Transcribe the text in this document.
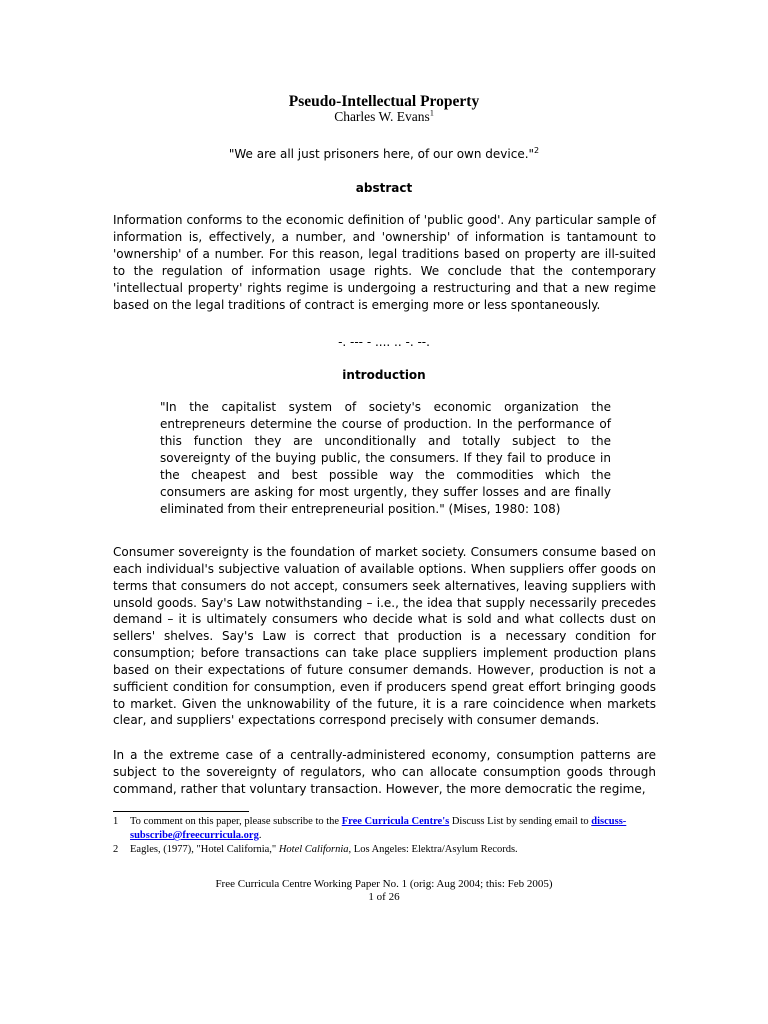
Pseudo-Intellectual Property
Charles W. Evans$^1$
"We are all just prisoners here, of our own device."$^2$
abstract

Information conforms to the economic definition of 'public good'. Any particular sample of information is, effectively, a number, and 'ownership' of information is tantamount to 'ownership' of a number. For this reason, legal traditions based on property are ill-suited to the regulation of information usage rights. We conclude that the contemporary 'intellectual property' rights regime is undergoing a restructuring and that a new regime based on the legal traditions of contract is emerging more or less spontaneously.

-. --- - .... .. -. --.
introduction

"In the capitalist system of society's economic organization the entrepreneurs determine the course of production. In the performance of this function they are unconditionally and totally subject to the sovereignty of the buying public, the consumers. If they fail to produce in the cheapest and best possible way the commodities which the consumers are asking for most urgently, they suffer losses and are finally eliminated from their entrepreneurial position." (Mises, 1980: 108)

Consumer sovereignty is the foundation of market society. Consumers consume based on each individual's subjective valuation of available options. When suppliers offer goods on terms that consumers do not accept, consumers seek alternatives, leaving suppliers with unsold goods. Say's Law notwithstanding – i.e., the idea that supply necessarily precedes demand – it is ultimately consumers who decide what is sold and what collects dust on sellers' shelves. Say's Law is correct that production is a necessary condition for consumption; before transactions can take place suppliers implement production plans based on their expectations of future consumer demands. However, production is not a sufficient condition for consumption, even if producers spend great effort bringing goods to market. Given the unknowability of the future, it is a rare coincidence when markets clear, and suppliers' expectations correspond precisely with consumer demands.

In a the extreme case of a centrally-administered economy, consumption patterns are subject to the sovereignty of regulators, who can allocate consumption goods through command, rather that voluntary transaction. However, the more democratic the regime,

1 To comment on this paper, please subscribe to the Free Curricula Centre's Discuss List by sending email to discuss-subscribe@freecurricula.org.
2 Eagles, (1977), "Hotel California," Hotel California, Los Angeles: Elektra/Asylum Records.
Free Curricula Centre Working Paper No. 1 (orig: Aug 2004; this: Feb 2005)
1 of 26
